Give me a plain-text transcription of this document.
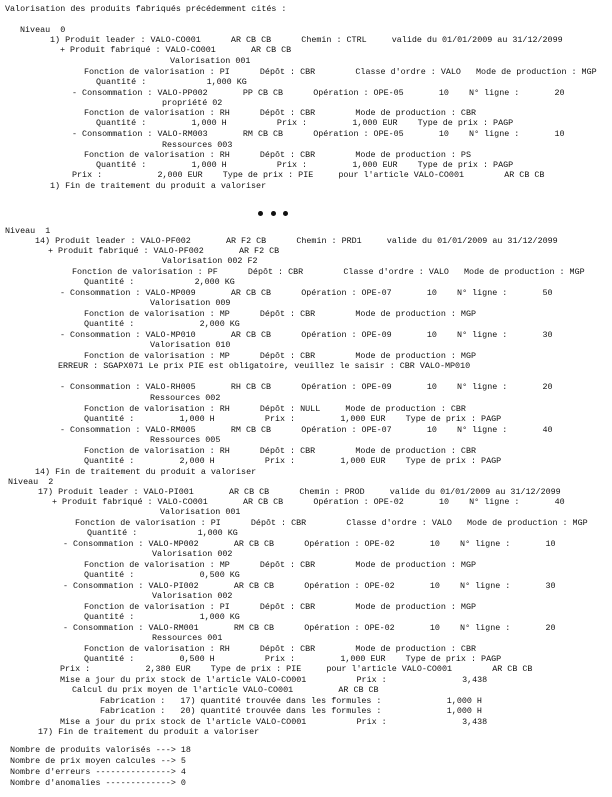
Valorisation des produits fabriqués précédemment cités :
Niveau  0
1) Produit leader : VALO-CO001      AR CB CB      Chemin : CTRL     valide du 01/01/2009 au 31/12/2099
+ Produit fabriqué : VALO-CO001       AR CB CB
Valorisation 001
Fonction de valorisation : PI      Dépôt : CBR        Classe d'ordre : VALO   Mode de production : MGP
Quantité :            1,000 KG
- Consommation : VALO-PP002       PP CB CB      Opération : OPE-05       10    N° ligne :       20
propriété 02
Fonction de valorisation : RH      Dépôt : CBR        Mode de production : CBR
Quantité :         1,000 H          Prix :         1,000 EUR    Type de prix : PAGP
- Consommation : VALO-RM003       RM CB CB      Opération : OPE-05       10    N° ligne :       10
Ressources 003
Fonction de valorisation : RH      Dépôt : CBR        Mode de production : PS
Quantité :         1,000 H          Prix :         1,000 EUR    Type de prix : PAGP
Prix :           2,000 EUR    Type de prix : PIE     pour l'article VALO-CO001        AR CB CB
1) Fin de traitement du produit a valoriser
Niveau  1
14) Produit leader : VALO-PF002       AR F2 CB      Chemin : PRD1     valide du 01/01/2009 au 31/12/2099
+ Produit fabriqué : VALO-PF002       AR F2 CB
Valorisation 002 F2
Fonction de valorisation : PF      Dépôt : CBR        Classe d'ordre : VALO   Mode de production : MGP
Quantité :            2,000 KG
- Consommation : VALO-MP009       AR CB CB      Opération : OPE-07       10    N° ligne :       50
Valorisation 009
Fonction de valorisation : MP      Dépôt : CBR        Mode de production : MGP
Quantité :             2,000 KG
- Consommation : VALO-MP010       AR CB CB      Opération : OPE-09       10    N° ligne :       30
Valorisation 010
Fonction de valorisation : MP      Dépôt : CBR        Mode de production : MGP
ERREUR : SGAPX071 Le prix PIE est obligatoire, veuillez le saisir : CBR VALO-MP010
- Consommation : VALO-RH005       RH CB CB      Opération : OPE-09       10    N° ligne :       20
Ressources 002
Fonction de valorisation : RH      Dépôt : NULL     Mode de production : CBR
Quantité :         1,000 H          Prix :         1,000 EUR    Type de prix : PAGP
- Consommation : VALO-RM005       RM CB CB      Opération : OPE-07       10    N° ligne :       40
Ressources 005
Fonction de valorisation : RH      Dépôt : CBR        Mode de production : CBR
Quantité :         2,000 H          Prix :         1,000 EUR    Type de prix : PAGP
14) Fin de traitement du produit a valoriser
Niveau  2
17) Produit leader : VALO-PI001       AR CB CB      Chemin : PROD     valide du 01/01/2009 au 31/12/2099
+ Produit fabriqué : VALO-CO001       AR CB CB      Opération : OPE-02       10    N° ligne :       40
Valorisation 001
Fonction de valorisation : PI      Dépôt : CBR        Classe d'ordre : VALO   Mode de production : MGP
Quantité :            1,000 KG
- Consommation : VALO-MP002       AR CB CB      Opération : OPE-02       10    N° ligne :       10
Valorisation 002
Fonction de valorisation : MP      Dépôt : CBR        Mode de production : MGP
Quantité :             0,500 KG
- Consommation : VALO-PI002       AR CB CB      Opération : OPE-02       10    N° ligne :       30
Valorisation 002
Fonction de valorisation : PI      Dépôt : CBR        Mode de production : MGP
Quantité :             1,000 KG
- Consommation : VALO-RM001       RM CB CB      Opération : OPE-02       10    N° ligne :       20
Ressources 001
Fonction de valorisation : RH      Dépôt : CBR        Mode de production : CBR
Quantité :         0,500 H          Prix :         1,000 EUR    Type de prix : PAGP
Prix :           2,380 EUR    Type de prix : PIE     pour l'article VALO-CO001        AR CB CB
Mise a jour du prix stock de l'article VALO-CO001          Prix :               3,438
Calcul du prix moyen de l'article VALO-CO001         AR CB CB
Fabrication :   17) quantité trouvée dans les formules :             1,000 H
Fabrication :   20) quantité trouvée dans les formules :             1,000 H
Mise a jour du prix stock de l'article VALO-CO001          Prix :               3,438
17) Fin de traitement du produit a valoriser
Nombre de produits valorisés ---> 18
Nombre de prix moyen calcules --> 5
Nombre d'erreurs ---------------> 4
Nombre d'anomalies -------------> 0
